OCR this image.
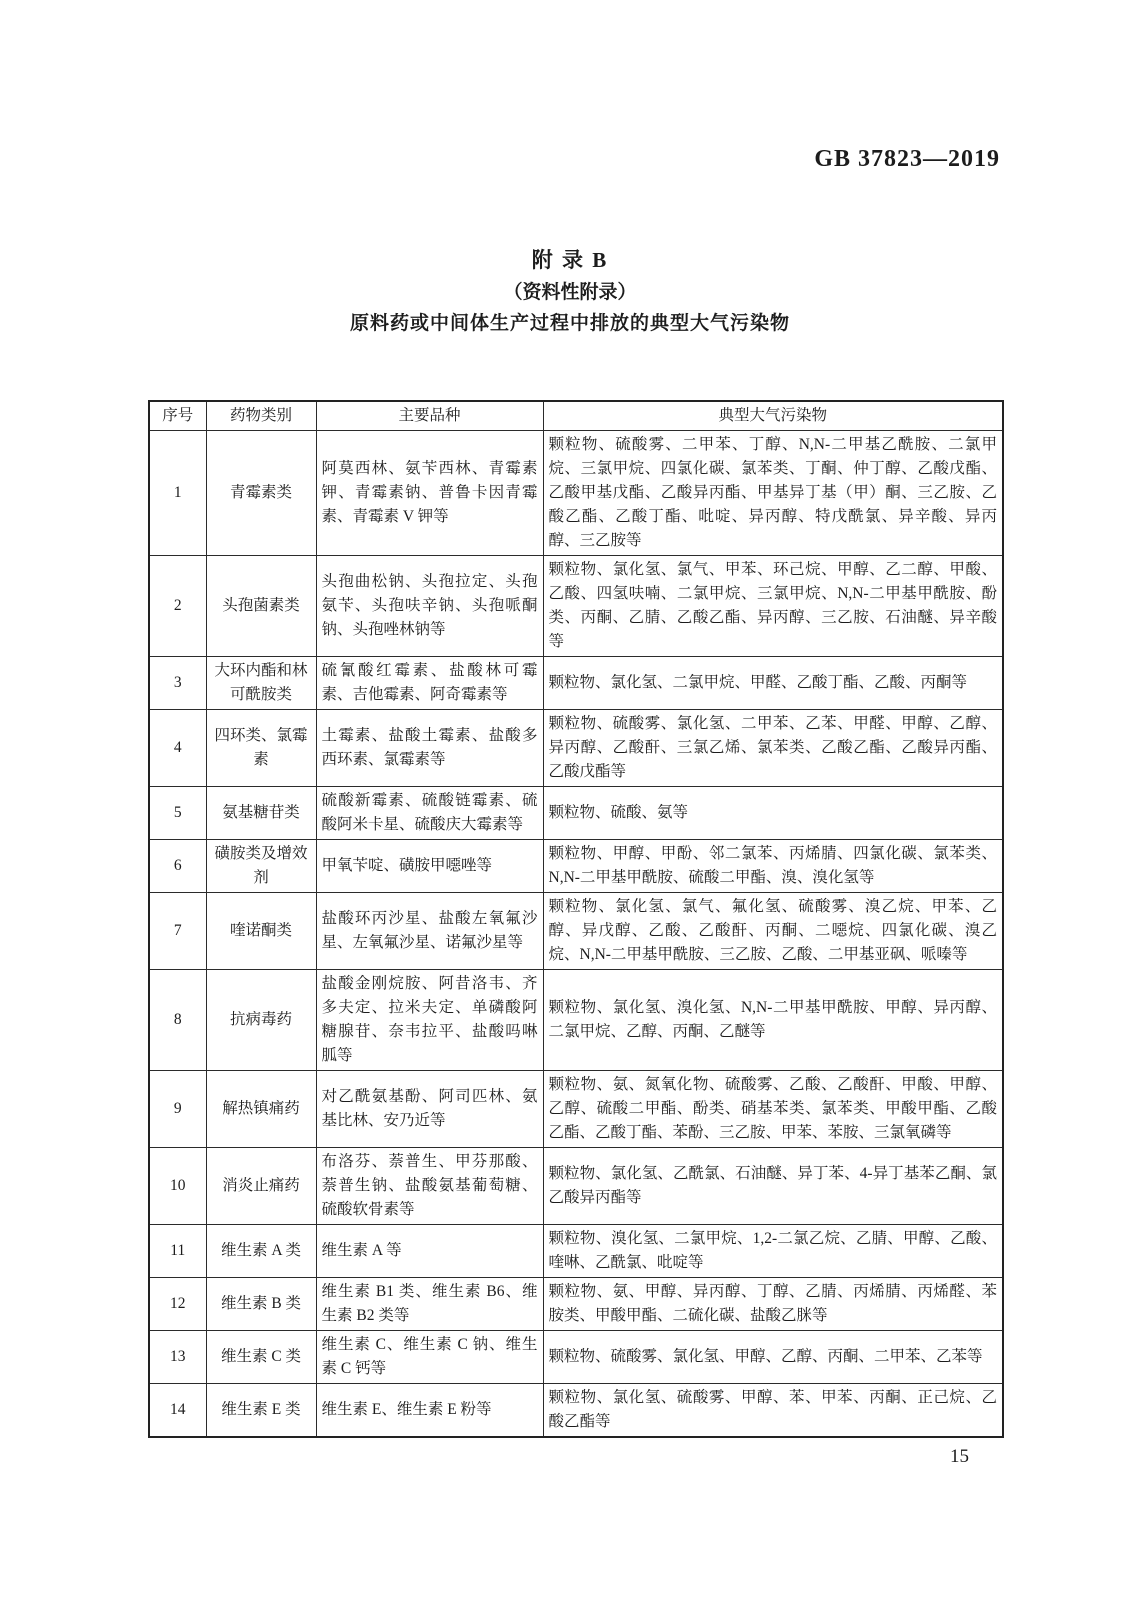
GB 37823—2019
附 录 B
（资料性附录）
原料药或中间体生产过程中排放的典型大气污染物
序号	药物类别	主要品种	典型大气污染物
1	青霉素类	阿莫西林、氨苄西林、青霉素钾、青霉素钠、普鲁卡因青霉素、青霉素 V 钾等	颗粒物、硫酸雾、二甲苯、丁醇、N,N-二甲基乙酰胺、二氯甲烷、三氯甲烷、四氯化碳、氯苯类、丁酮、仲丁醇、乙酸戊酯、乙酸甲基戊酯、乙酸异丙酯、甲基异丁基（甲）酮、三乙胺、乙酸乙酯、乙酸丁酯、吡啶、异丙醇、特戊酰氯、异辛酸、异丙醇、三乙胺等
2	头孢菌素类	头孢曲松钠、头孢拉定、头孢氨苄、头孢呋辛钠、头孢哌酮钠、头孢唑林钠等	颗粒物、氯化氢、氯气、甲苯、环己烷、甲醇、乙二醇、甲酸、乙酸、四氢呋喃、二氯甲烷、三氯甲烷、N,N-二甲基甲酰胺、酚类、丙酮、乙腈、乙酸乙酯、异丙醇、三乙胺、石油醚、异辛酸等
3	大环内酯和林可酰胺类	硫氰酸红霉素、盐酸林可霉素、吉他霉素、阿奇霉素等	颗粒物、氯化氢、二氯甲烷、甲醛、乙酸丁酯、乙酸、丙酮等
4	四环类、氯霉素	土霉素、盐酸土霉素、盐酸多西环素、氯霉素等	颗粒物、硫酸雾、氯化氢、二甲苯、乙苯、甲醛、甲醇、乙醇、异丙醇、乙酸酐、三氯乙烯、氯苯类、乙酸乙酯、乙酸异丙酯、乙酸戊酯等
5	氨基糖苷类	硫酸新霉素、硫酸链霉素、硫酸阿米卡星、硫酸庆大霉素等	颗粒物、硫酸、氨等
6	磺胺类及增效剂	甲氧苄啶、磺胺甲噁唑等	颗粒物、甲醇、甲酚、邻二氯苯、丙烯腈、四氯化碳、氯苯类、N,N-二甲基甲酰胺、硫酸二甲酯、溴、溴化氢等
7	喹诺酮类	盐酸环丙沙星、盐酸左氧氟沙星、左氧氟沙星、诺氟沙星等	颗粒物、氯化氢、氯气、氟化氢、硫酸雾、溴乙烷、甲苯、乙醇、异戊醇、乙酸、乙酸酐、丙酮、二噁烷、四氯化碳、溴乙烷、N,N-二甲基甲酰胺、三乙胺、乙酸、二甲基亚砜、哌嗪等
8	抗病毒药	盐酸金刚烷胺、阿昔洛韦、齐多夫定、拉米夫定、单磷酸阿糖腺苷、奈韦拉平、盐酸吗啉胍等	颗粒物、氯化氢、溴化氢、N,N-二甲基甲酰胺、甲醇、异丙醇、二氯甲烷、乙醇、丙酮、乙醚等
9	解热镇痛药	对乙酰氨基酚、阿司匹林、氨基比林、安乃近等	颗粒物、氨、氮氧化物、硫酸雾、乙酸、乙酸酐、甲酸、甲醇、乙醇、硫酸二甲酯、酚类、硝基苯类、氯苯类、甲酸甲酯、乙酸乙酯、乙酸丁酯、苯酚、三乙胺、甲苯、苯胺、三氯氧磷等
10	消炎止痛药	布洛芬、萘普生、甲芬那酸、萘普生钠、盐酸氨基葡萄糖、硫酸软骨素等	颗粒物、氯化氢、乙酰氯、石油醚、异丁苯、4-异丁基苯乙酮、氯乙酸异丙酯等
11	维生素 A 类	维生素 A 等	颗粒物、溴化氢、二氯甲烷、1,2-二氯乙烷、乙腈、甲醇、乙酸、喹啉、乙酰氯、吡啶等
12	维生素 B 类	维生素 B1 类、维生素 B6、维生素 B2 类等	颗粒物、氨、甲醇、异丙醇、丁醇、乙腈、丙烯腈、丙烯醛、苯胺类、甲酸甲酯、二硫化碳、盐酸乙脒等
13	维生素 C 类	维生素 C、维生素 C 钠、维生素 C 钙等	颗粒物、硫酸雾、氯化氢、甲醇、乙醇、丙酮、二甲苯、乙苯等
14	维生素 E 类	维生素 E、维生素 E 粉等	颗粒物、氯化氢、硫酸雾、甲醇、苯、甲苯、丙酮、正己烷、乙酸乙酯等
15
